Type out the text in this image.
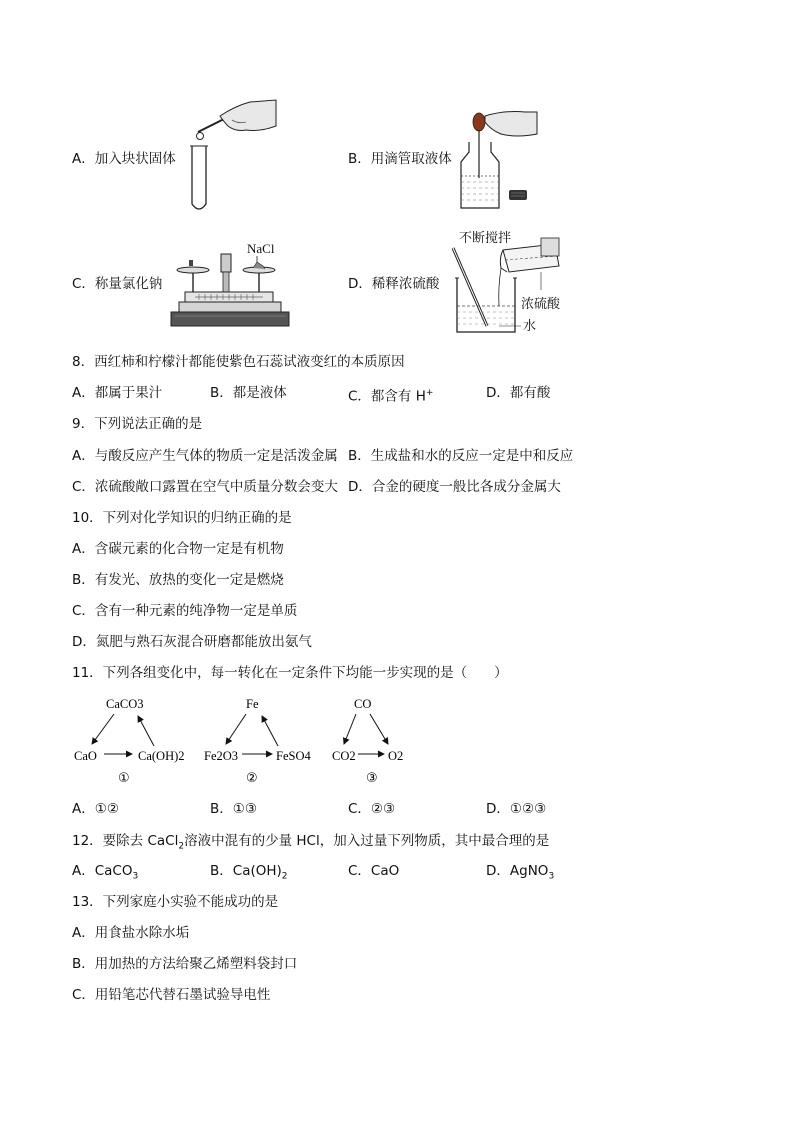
A．加入块状固体	B．用滴管取液体
C．称量氯化钠	D．稀释浓硫酸
NaCl
不断搅拌
浓硫酸
水
8．西红柿和柠檬汁都能使紫色石蕊试液变红的本质原因
A．都属于果汁	B．都是液体	C．都含有 H+	D．都有酸
9．下列说法正确的是
A．与酸反应产生气体的物质一定是活泼金属 B．生成盐和水的反应一定是中和反应
C．浓硫酸敞口露置在空气中质量分数会变大 D．合金的硬度一般比各成分金属大
10．下列对化学知识的归纳正确的是
A．含碳元素的化合物一定是有机物
B．有发光、放热的变化一定是燃烧
C．含有一种元素的纯净物一定是单质
D．氮肥与熟石灰混合研磨都能放出氨气
11．下列各组变化中，每一转化在一定条件下均能一步实现的是（　　）
CaCO3
CaO	Ca(OH)2
①
Fe
Fe2O3	FeSO4
②
CO
CO2	O2
③
A．①②	B．①③	C．②③	D．①②③
12．要除去 CaCl$_2$溶液中混有的少量 HCl，加入过量下列物质，其中最合理的是
A．CaCO$_3$	B．$Ca(OH)_2$	C．CaO	D．AgNO$_3$
13．下列家庭小实验不能成功的是
A．用食盐水除水垢
B．用加热的方法给聚乙烯塑料袋封口
C．用铅笔芯代替石墨试验导电性
